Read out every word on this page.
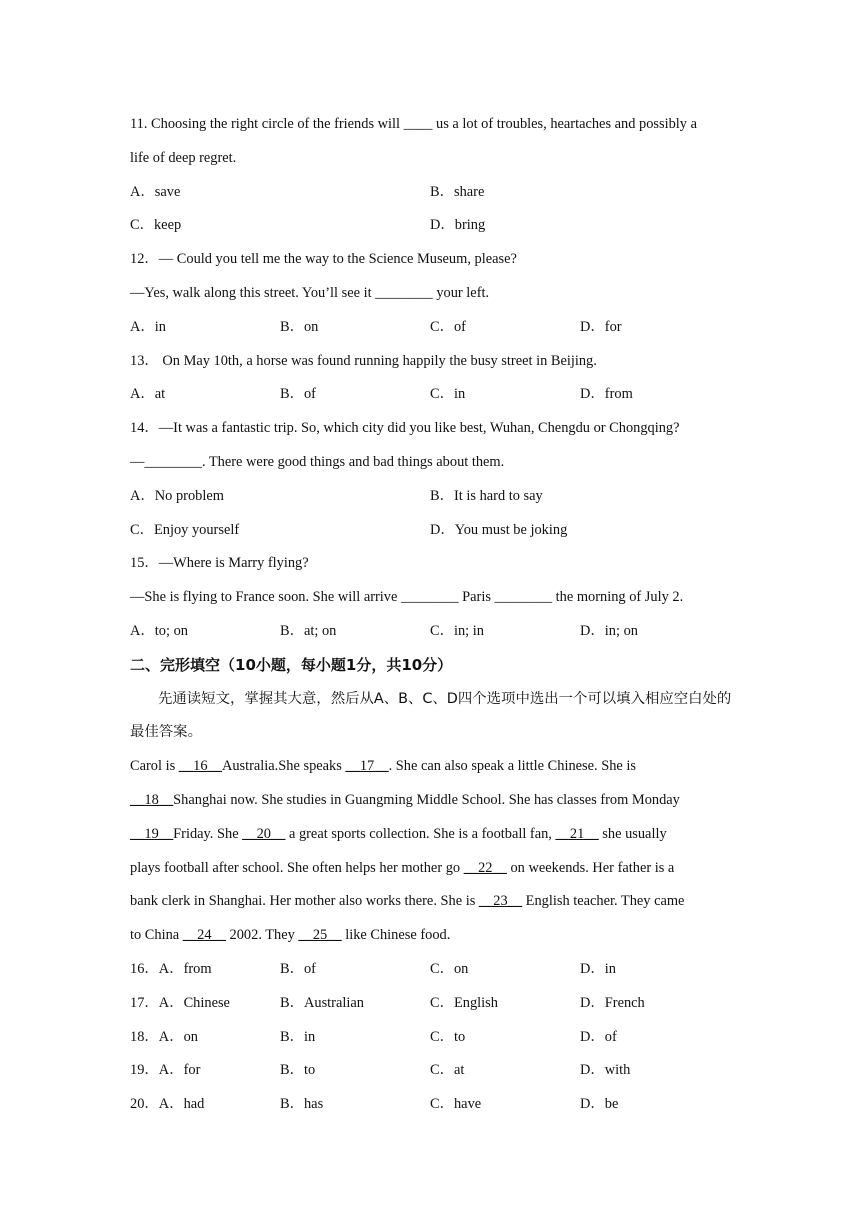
11. Choosing the right circle of the friends will ____ us a lot of troubles, heartaches and possibly a
life of deep regret.
A．save	B．share
C．keep	D．bring
12．— Could you tell me the way to the Science Museum, please?
—Yes, walk along this street. You’ll see it ________ your left.
A．in	B．on	C．of	D．for
13． On May 10th, a horse was found running happily the busy street in Beijing.
A．at	B．of	C．in	D．from
14．—It was a fantastic trip. So, which city did you like best, Wuhan, Chengdu or Chongqing?
—________. There were good things and bad things about them.
A．No problem	B．It is hard to say
C．Enjoy yourself	D．You must be joking
15．—Where is Marry flying?
—She is flying to France soon. She will arrive ________ Paris ________ the morning of July 2.
A．to; on	B．at; on	C．in; in	D．in; on
二、完形填空（10小题，每小题1分，共10分）
先通读短文，掌握其大意，然后从A、B、C、D四个选项中选出一个可以填入相应空白处的最佳答案。
Carol is __16__Australia.She speaks __17__. She can also speak a little Chinese. She is
__18__Shanghai now. She studies in Guangming Middle School. She has classes from Monday
__19__Friday. She __20__ a great sports collection. She is a football fan, __21__ she usually
plays football after school. She often helps her mother go __22__ on weekends. Her father is a
bank clerk in Shanghai. Her mother also works there. She is __23__ English teacher. They came
to China __24__ 2002. They __25__ like Chinese food.
16．A．from	B．of	C．on	D．in
17．A．Chinese	B．Australian	C．English	D．French
18．A．on	B．in	C．to	D．of
19．A．for	B．to	C．at	D．with
20．A．had	B．has	C．have	D．be
